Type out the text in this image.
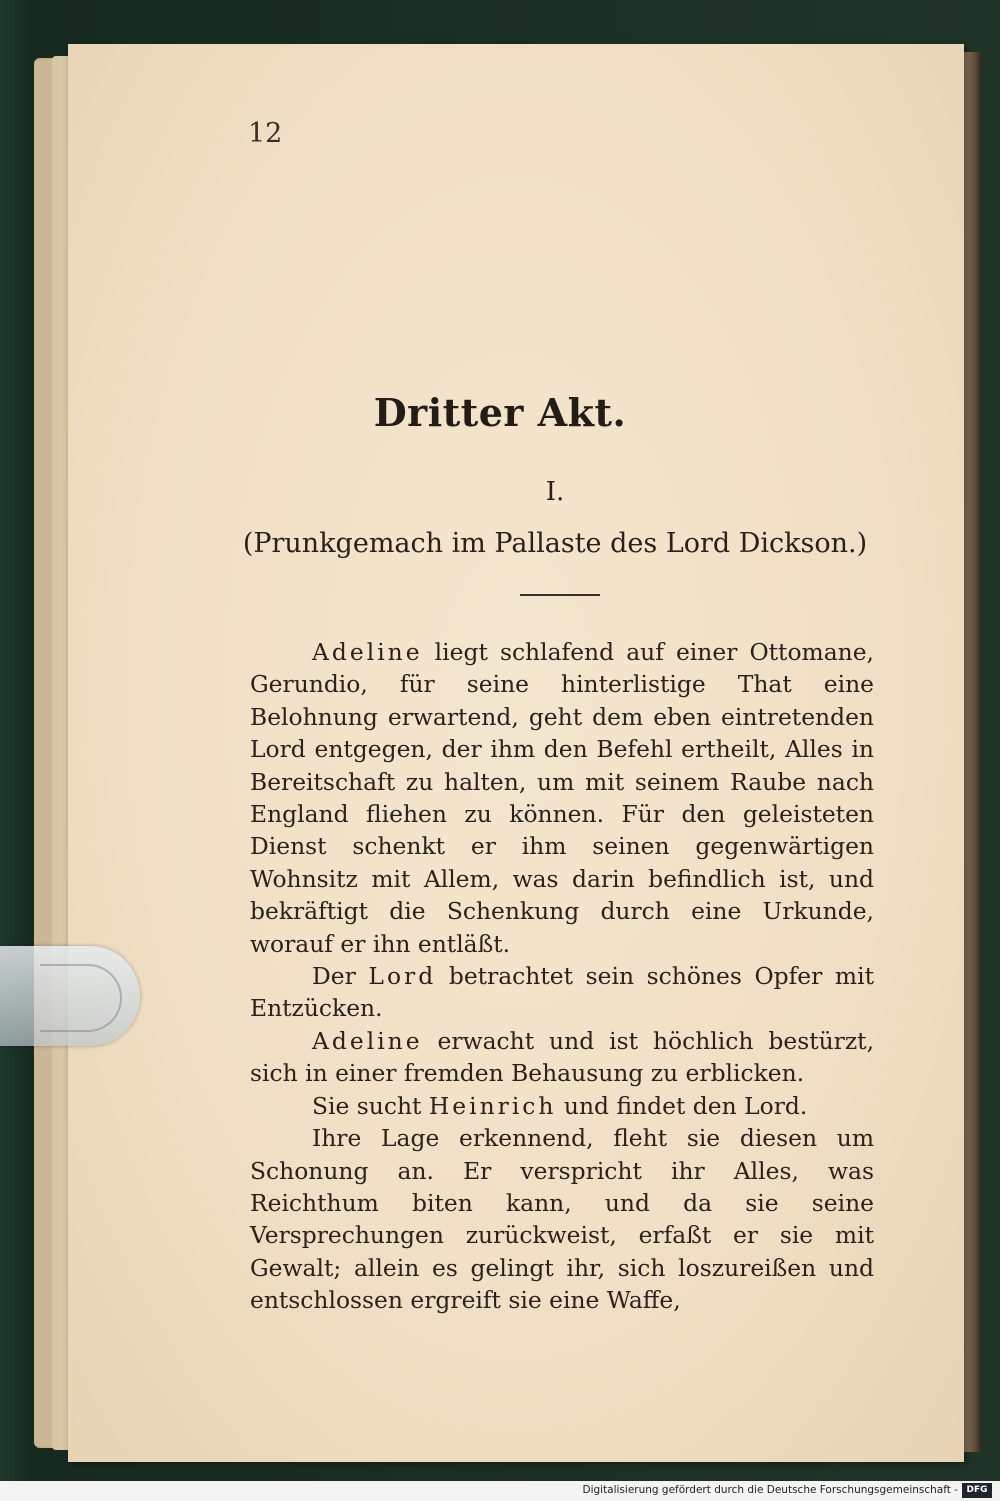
12
Dritter Akt.
I.
(Prunkgemach im Pallaste des Lord Dickson.)

Adeline liegt schlafend auf einer Ottomane, Gerundio, für seine hinterlistige That eine Belohnung erwartend, geht dem eben eintretenden Lord entgegen, der ihm den Befehl ertheilt, Alles in Bereitschaft zu halten, um mit seinem Raube nach England fliehen zu können. Für den geleisteten Dienst schenkt er ihm seinen gegenwärtigen Wohnsitz mit Allem, was darin befindlich ist, und bekräftigt die Schenkung durch eine Urkunde, worauf er ihn entläßt.

Der Lord betrachtet sein schönes Opfer mit Entzücken.

Adeline erwacht und ist höchlich bestürzt, sich in einer fremden Behausung zu erblicken.

Sie sucht Heinrich und findet den Lord.

Ihre Lage erkennend, fleht sie diesen um Schonung an. Er verspricht ihr Alles, was Reichthum biten kann, und da sie seine Versprechungen zurückweist, erfaßt er sie mit Gewalt; allein es gelingt ihr, sich loszureißen und entschlossen ergreift sie eine Waffe,

Digitalisierung gefördert durch die Deutsche Forschungsgemeinschaft - DFG
